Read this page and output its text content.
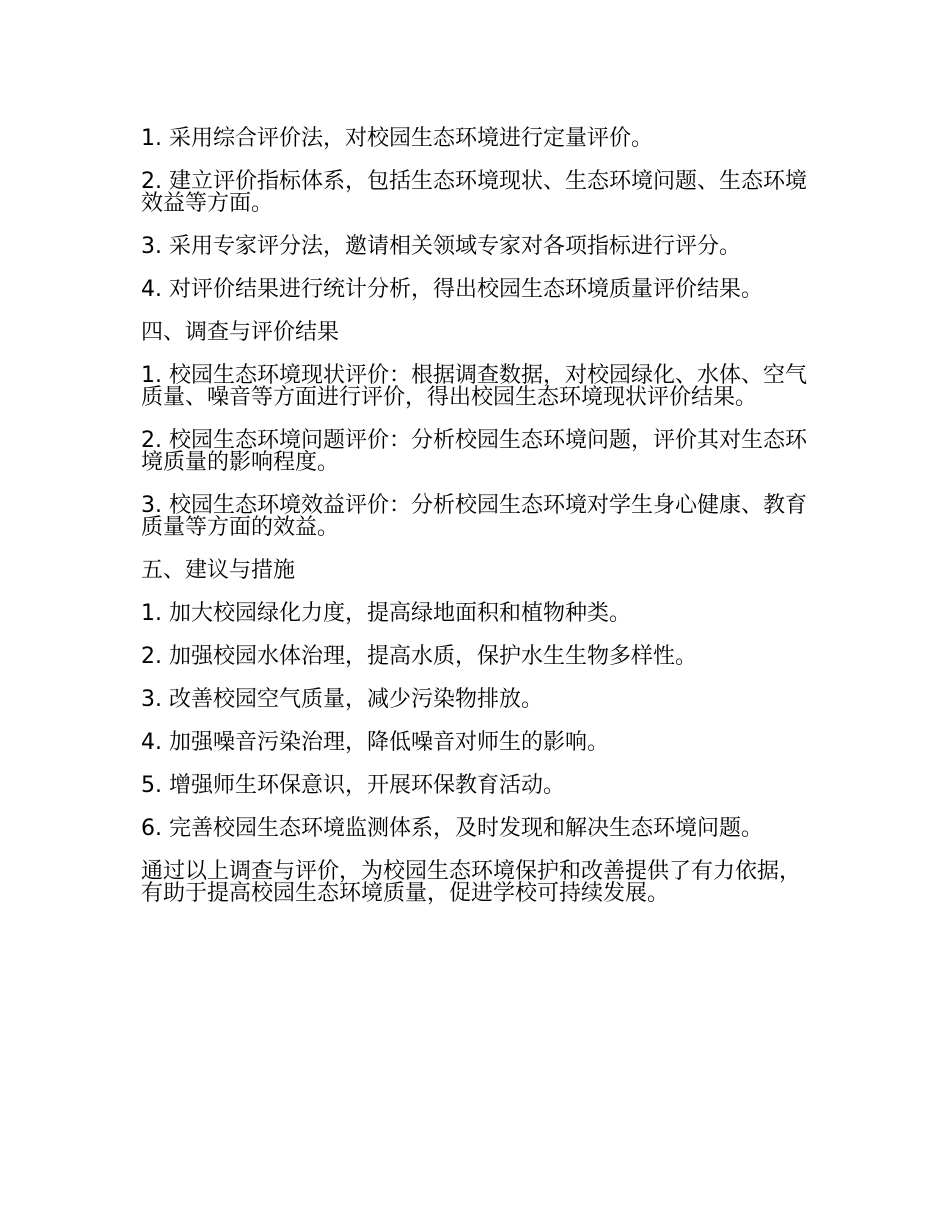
1. 采用综合评价法，对校园生态环境进行定量评价。

2. 建立评价指标体系，包括生态环境现状、生态环境问题、生态环境效益等方面。

3. 采用专家评分法，邀请相关领域专家对各项指标进行评分。

4. 对评价结果进行统计分析，得出校园生态环境质量评价结果。

四、调查与评价结果

1. 校园生态环境现状评价：根据调查数据，对校园绿化、水体、空气质量、噪音等方面进行评价，得出校园生态环境现状评价结果。

2. 校园生态环境问题评价：分析校园生态环境问题，评价其对生态环境质量的影响程度。

3. 校园生态环境效益评价：分析校园生态环境对学生身心健康、教育质量等方面的效益。

五、建议与措施

1. 加大校园绿化力度，提高绿地面积和植物种类。

2. 加强校园水体治理，提高水质，保护水生生物多样性。

3. 改善校园空气质量，减少污染物排放。

4. 加强噪音污染治理，降低噪音对师生的影响。

5. 增强师生环保意识，开展环保教育活动。

6. 完善校园生态环境监测体系，及时发现和解决生态环境问题。

通过以上调查与评价，为校园生态环境保护和改善提供了有力依据，有助于提高校园生态环境质量，促进学校可持续发展。
